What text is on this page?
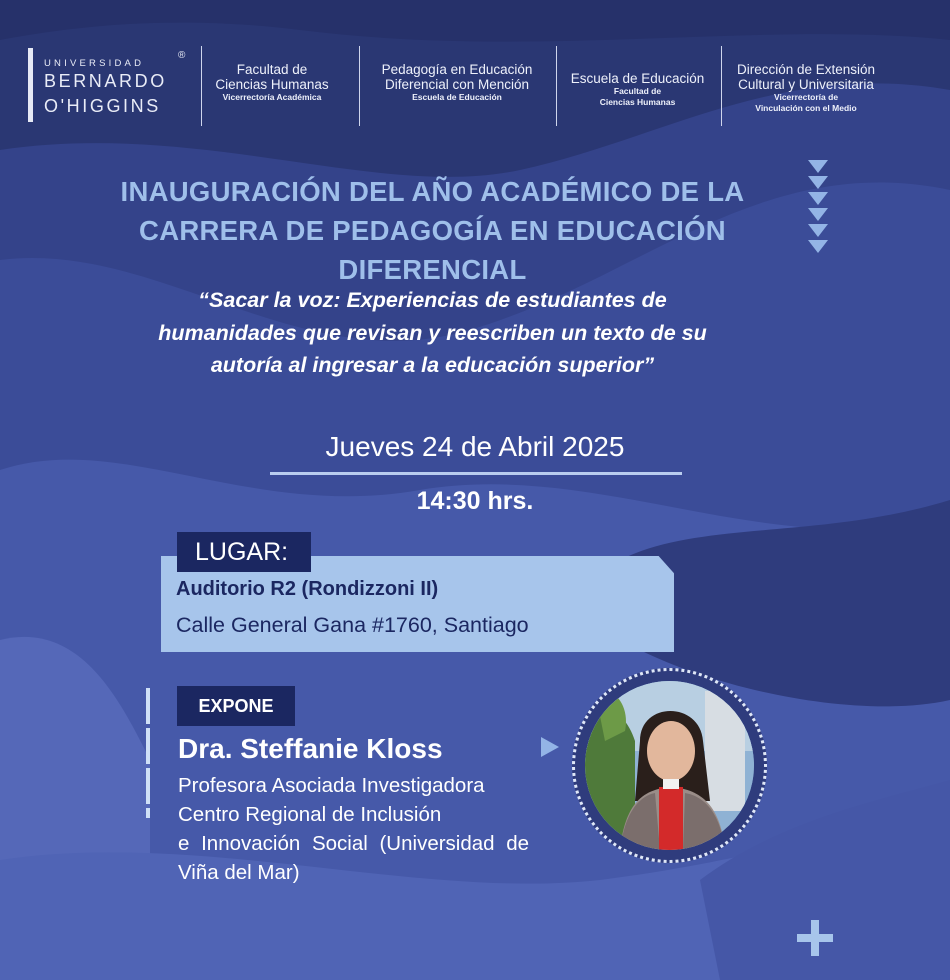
UNIVERSIDAD
BERNARDO
O'HIGGINS
®
Facultad de
Ciencias Humanas
Vicerrectoría Académica
Pedagogía en Educación
Diferencial con Mención
Escuela de Educación
Escuela de Educación
Facultad de
Ciencias Humanas
Dirección de Extensión
Cultural y Universitaria
Vicerrectoría de
Vinculación con el Medio
INAUGURACIÓN DEL AÑO ACADÉMICO DE LA
CARRERA DE PEDAGOGÍA EN EDUCACIÓN
DIFERENCIAL
“Sacar la voz: Experiencias de estudiantes de
humanidades que revisan y reescriben un texto de su
autoría al ingresar a la educación superior”
Jueves 24 de Abril 2025
14:30 hrs.
LUGAR:
Auditorio R2 (Rondizzoni II)
Calle General Gana #1760, Santiago
EXPONE
Dra. Steffanie Kloss
Profesora Asociada Investigadora
Centro Regional de Inclusión
e Innovación Social (Universidad de
Viña del Mar)
